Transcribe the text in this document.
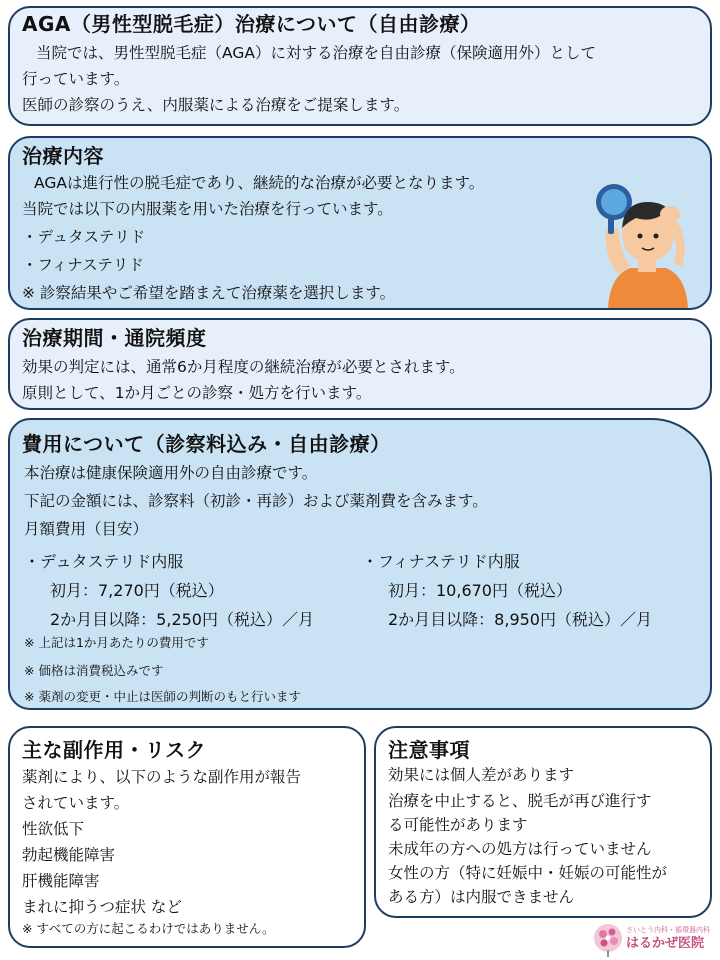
AGA（男性型脱毛症）治療について（自由診療）
当院では、男性型脱毛症（AGA）に対する治療を自由診療（保険適用外）として
行っています。
医師の診察のうえ、内服薬による治療をご提案します。
治療内容
AGAは進行性の脱毛症であり、継続的な治療が必要となります。
当院では以下の内服薬を用いた治療を行っています。
・デュタステリド
・フィナステリド
※ 診察結果やご希望を踏まえて治療薬を選択します。
治療期間・通院頻度
効果の判定には、通常6か月程度の継続治療が必要とされます。
原則として、1か月ごとの診察・処方を行います。
費用について（診察料込み・自由診療）
本治療は健康保険適用外の自由診療です。
下記の金額には、診察料（初診・再診）および薬剤費を含みます。
月額費用（目安）
・デュタステリド内服
初月：7,270円（税込）
2か月目以降：5,250円（税込）／月
・フィナステリド内服
初月：10,670円（税込）
2か月目以降：8,950円（税込）／月
※ 上記は1か月あたりの費用です
※ 価格は消費税込みです
※ 薬剤の変更・中止は医師の判断のもと行います
主な副作用・リスク
薬剤により、以下のような副作用が報告
されています。
性欲低下
勃起機能障害
肝機能障害
まれに抑うつ症状 など
※ すべての方に起こるわけではありません。
注意事項
効果には個人差があります
治療を中止すると、脱毛が再び進行す
る可能性があります
未成年の方への処方は行っていません
女性の方（特に妊娠中・妊娠の可能性が
ある方）は内服できません
さいとう内科・循環器内科
はるかぜ医院
